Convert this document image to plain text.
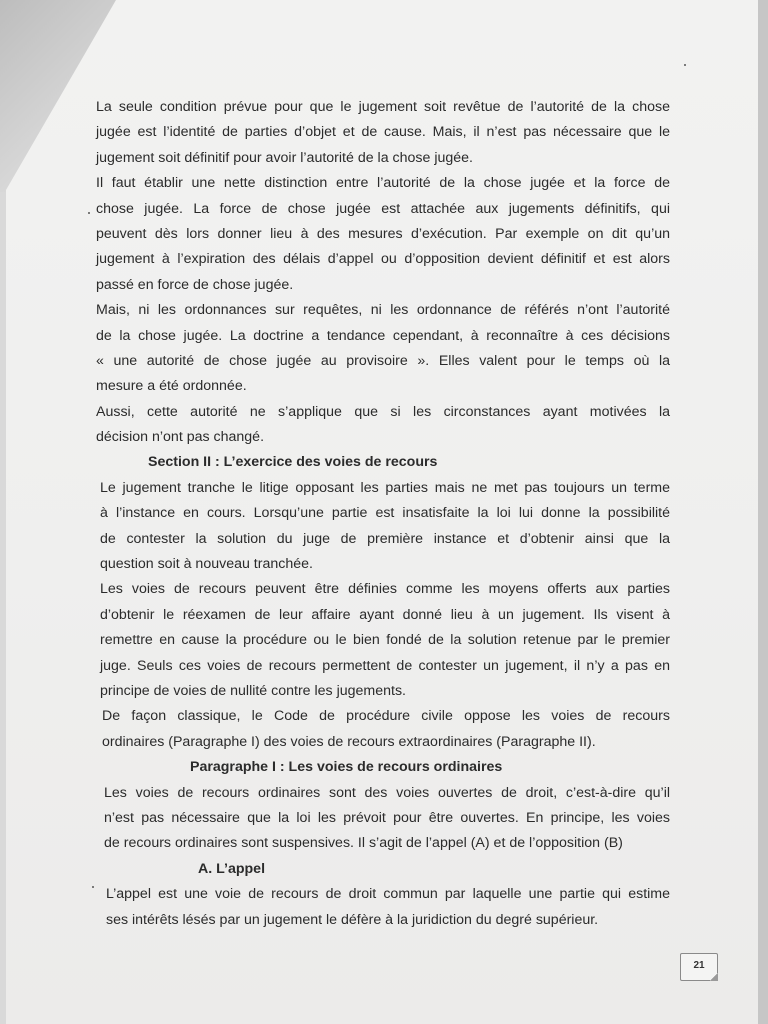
La seule condition prévue pour que le jugement soit revêtue de l’autorité de la chose
jugée est l’identité de parties d’objet et de cause. Mais, il n’est pas nécessaire que le
jugement soit définitif pour avoir l’autorité de la chose jugée.
Il faut établir une nette distinction entre l’autorité de la chose jugée et la force de
chose jugée. La force de chose jugée est attachée aux jugements définitifs, qui
peuvent dès lors donner lieu à des mesures d’exécution. Par exemple on dit qu’un
jugement à l’expiration des délais d’appel ou d’opposition devient définitif et est alors
passé en force de chose jugée.
Mais, ni les ordonnances sur requêtes, ni les ordonnance de référés n’ont l’autorité
de la chose jugée. La doctrine a tendance cependant, à reconnaître à ces décisions
« une autorité de chose jugée au provisoire ». Elles valent pour le temps où la
mesure a été ordonnée.
Aussi, cette autorité ne s’applique que si les circonstances ayant motivées la
décision n’ont pas changé.
Section II : L’exercice des voies de recours
Le jugement tranche le litige opposant les parties mais ne met pas toujours un terme
à l’instance en cours. Lorsqu’une partie est insatisfaite la loi lui donne la possibilité
de contester la solution du juge de première instance et d’obtenir ainsi que la
question soit à nouveau tranchée.
Les voies de recours peuvent être définies comme les moyens offerts aux parties
d’obtenir le réexamen de leur affaire ayant donné lieu à un jugement. Ils visent à
remettre en cause la procédure ou le bien fondé de la solution retenue par le premier
juge. Seuls ces voies de recours permettent de contester un jugement, il n’y a pas en
principe de voies de nullité contre les jugements.
De façon classique, le Code de procédure civile oppose les voies de recours
ordinaires (Paragraphe I) des voies de recours extraordinaires (Paragraphe II).
Paragraphe I : Les voies de recours ordinaires
Les voies de recours ordinaires sont des voies ouvertes de droit, c’est-à-dire qu’il
n’est pas nécessaire que la loi les prévoit pour être ouvertes. En principe, les voies
de recours ordinaires sont suspensives. Il s’agit de l’appel (A) et de l’opposition (B)
A. L’appel
L’appel est une voie de recours de droit commun par laquelle une partie qui estime
ses intérêts lésés par un jugement le défère à la juridiction du degré supérieur.
21
